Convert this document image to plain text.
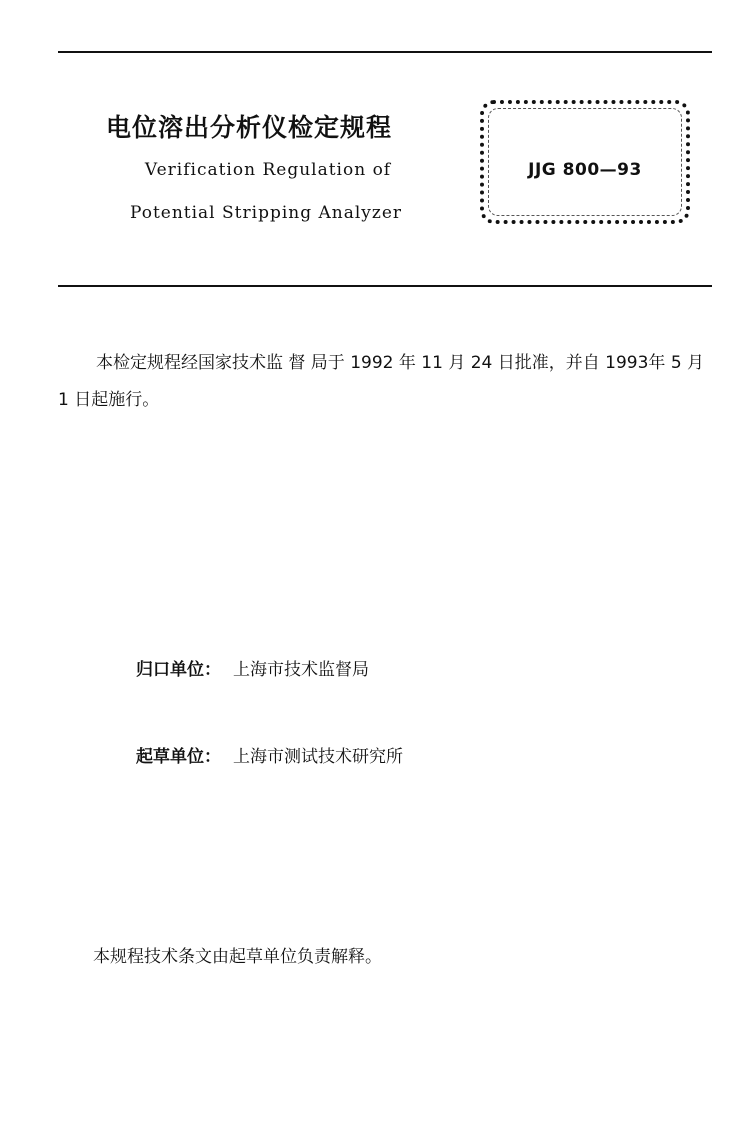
电位溶出分析仪检定规程
Verification Regulation of
Potential Stripping Analyzer
JJG 800—93
本检定规程经国家技术监 督 局于 1992 年 11 月 24 日批准，并自 1993年 5 月 1 日起施行。
归口单位： 上海市技术监督局
起草单位： 上海市测试技术研究所
本规程技术条文由起草单位负责解释。
